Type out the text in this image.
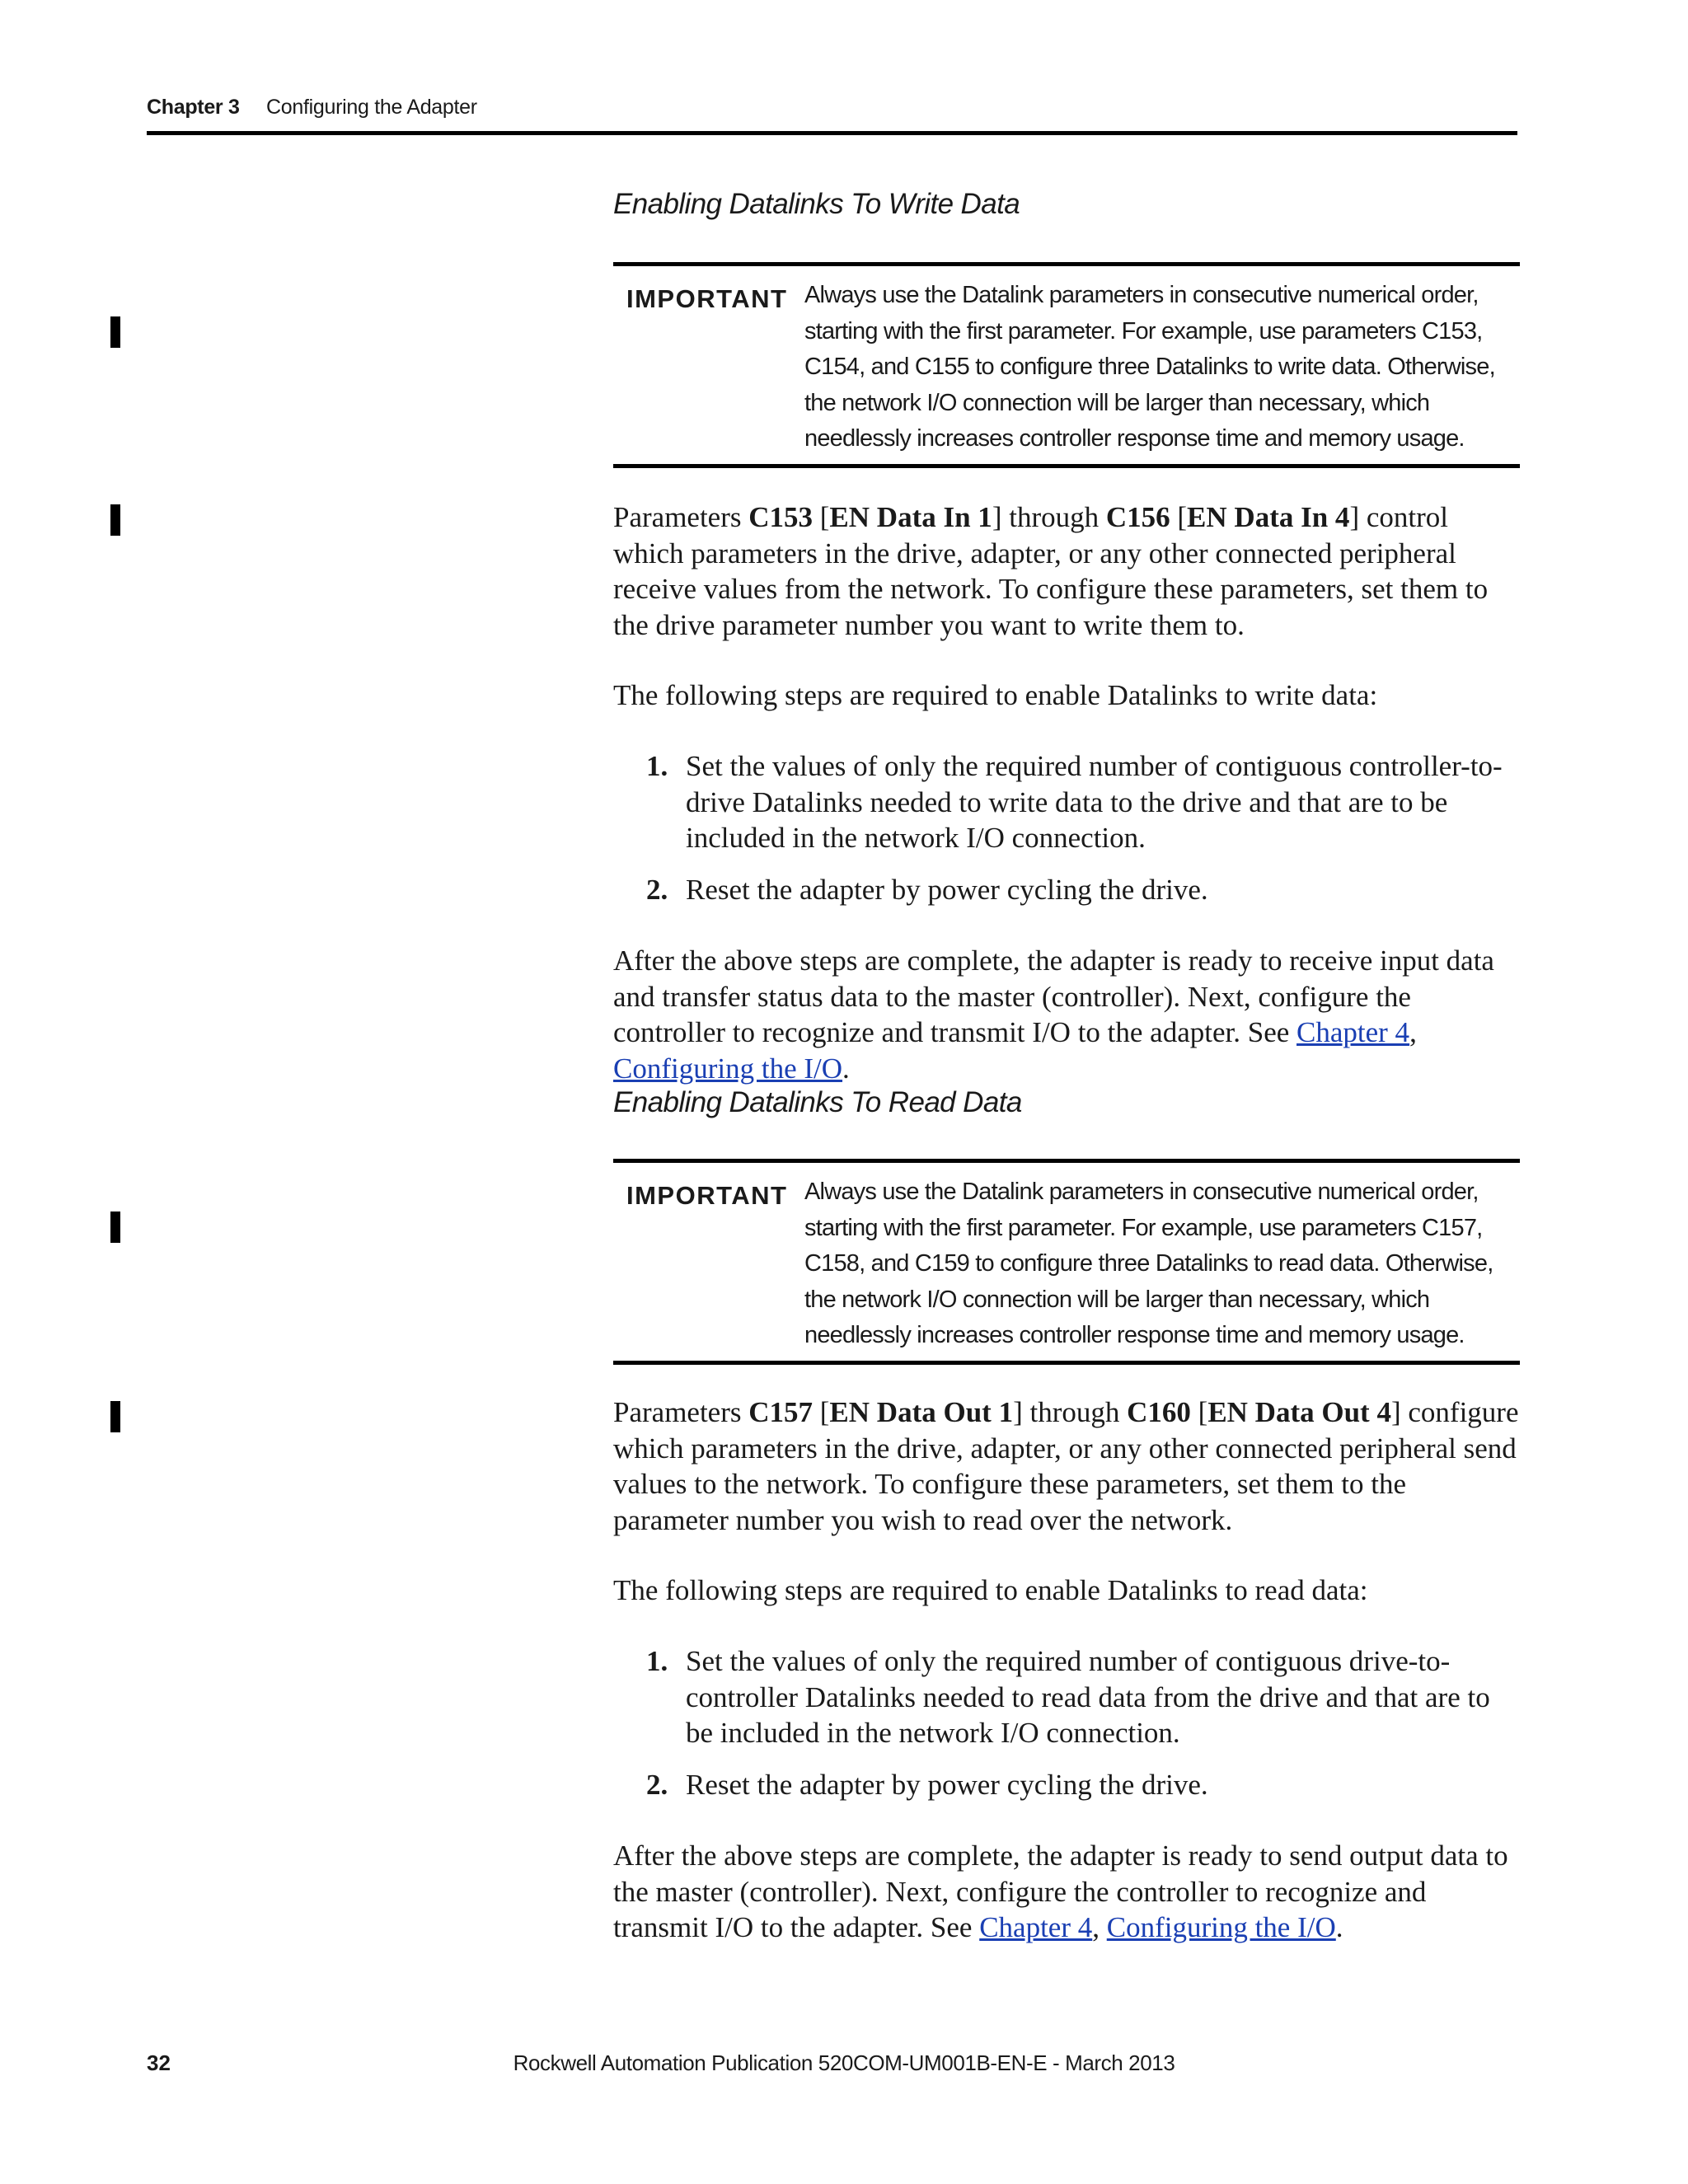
Chapter 3 Configuring the Adapter
Enabling Datalinks To Write Data
IMPORTANT Always use the Datalink parameters in consecutive numerical order, starting with the first parameter. For example, use parameters C153, C154, and C155 to configure three Datalinks to write data. Otherwise, the network I/O connection will be larger than necessary, which needlessly increases controller response time and memory usage.
Parameters C153 [EN Data In 1] through C156 [EN Data In 4] control which parameters in the drive, adapter, or any other connected peripheral receive values from the network. To configure these parameters, set them to the drive parameter number you want to write them to.
The following steps are required to enable Datalinks to write data:
1. Set the values of only the required number of contiguous controller-to-drive Datalinks needed to write data to the drive and that are to be included in the network I/O connection.
2. Reset the adapter by power cycling the drive.
After the above steps are complete, the adapter is ready to receive input data and transfer status data to the master (controller). Next, configure the controller to recognize and transmit I/O to the adapter. See Chapter 4, Configuring the I/O.
Enabling Datalinks To Read Data
IMPORTANT Always use the Datalink parameters in consecutive numerical order, starting with the first parameter. For example, use parameters C157, C158, and C159 to configure three Datalinks to read data. Otherwise, the network I/O connection will be larger than necessary, which needlessly increases controller response time and memory usage.
Parameters C157 [EN Data Out 1] through C160 [EN Data Out 4] configure which parameters in the drive, adapter, or any other connected peripheral send values to the network. To configure these parameters, set them to the parameter number you wish to read over the network.
The following steps are required to enable Datalinks to read data:
1. Set the values of only the required number of contiguous drive-to-controller Datalinks needed to read data from the drive and that are to be included in the network I/O connection.
2. Reset the adapter by power cycling the drive.
After the above steps are complete, the adapter is ready to send output data to the master (controller). Next, configure the controller to recognize and transmit I/O to the adapter. See Chapter 4, Configuring the I/O.
32	Rockwell Automation Publication 520COM-UM001B-EN-E - March 2013
